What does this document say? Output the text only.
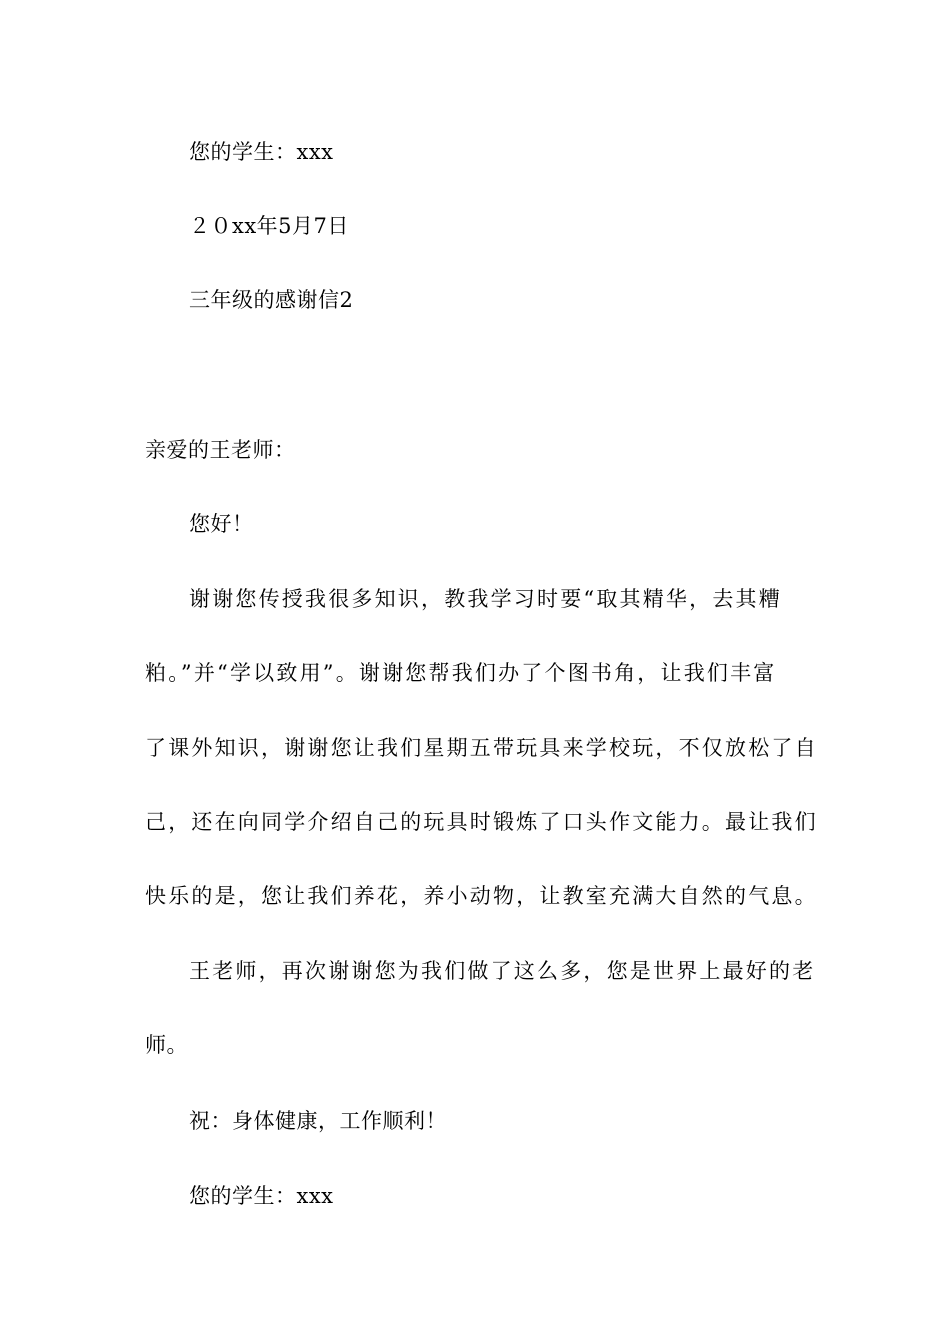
您的学生：xxx
２０xx年5月7日
三年级的感谢信2
亲爱的王老师：
您好！
谢谢您传授我很多知识，教我学习时要“取其精华，去其糟
粕。”并“学以致用”。谢谢您帮我们办了个图书角，让我们丰富
了课外知识，谢谢您让我们星期五带玩具来学校玩，不仅放松了自
己，还在向同学介绍自己的玩具时锻炼了口头作文能力。最让我们
快乐的是，您让我们养花，养小动物，让教室充满大自然的气息。
王老师，再次谢谢您为我们做了这么多，您是世界上最好的老
师。
祝：身体健康，工作顺利！
您的学生：xxx
